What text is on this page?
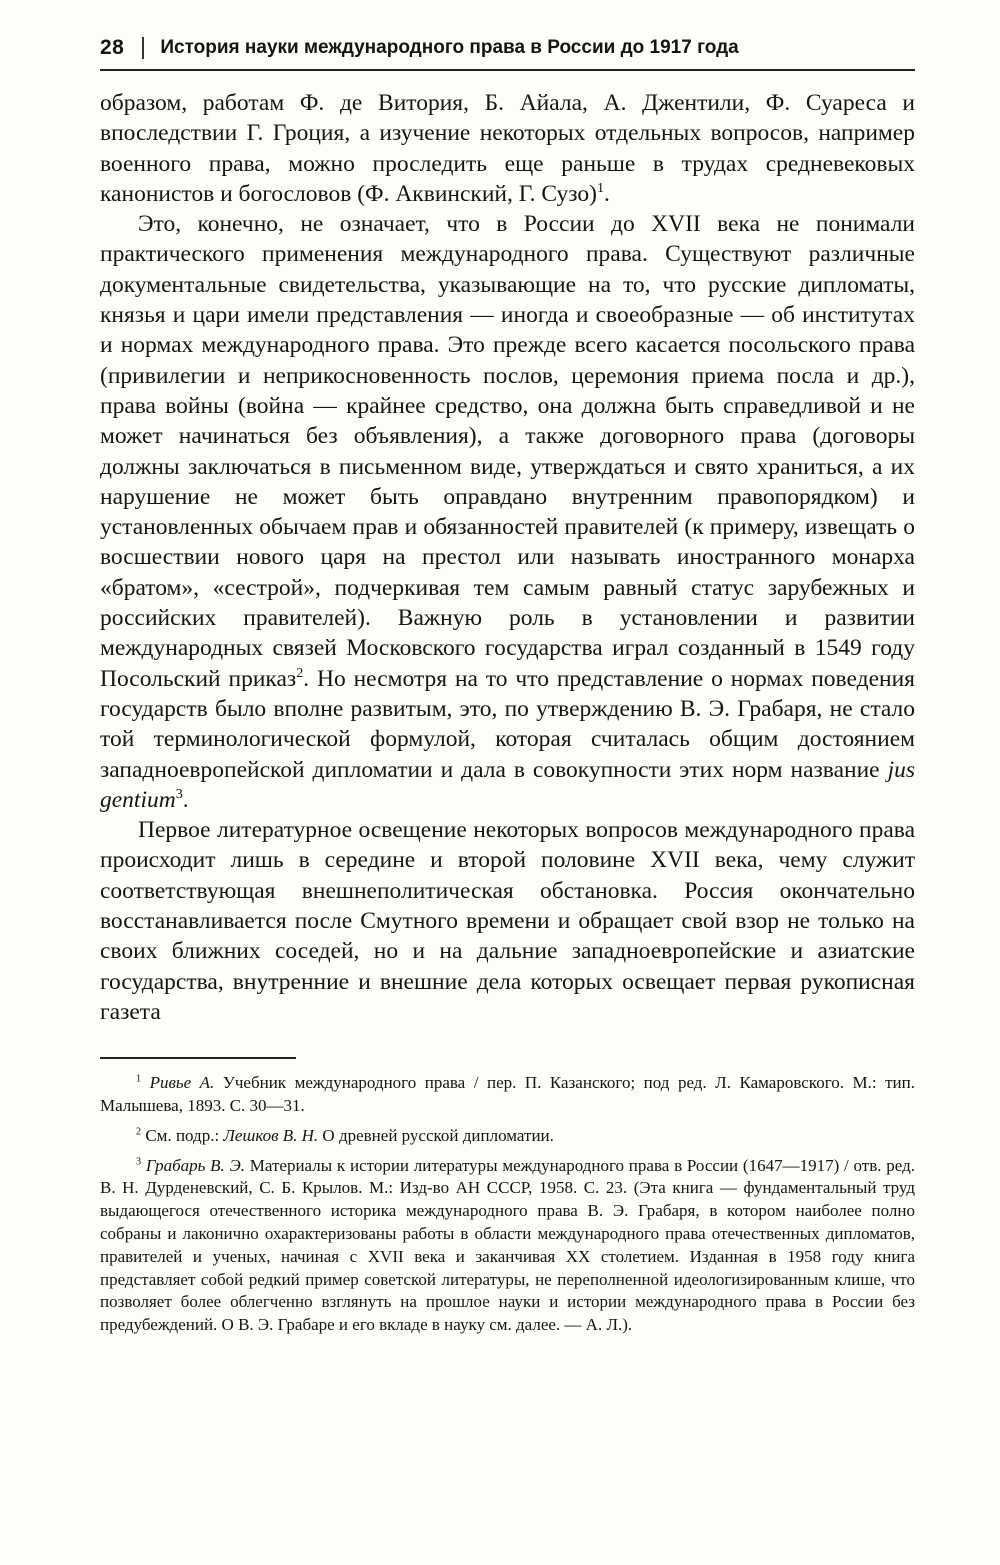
28 История науки международного права в России до 1917 года

образом, работам Ф. де Витория, Б. Айала, А. Джентили, Ф. Суареса и впоследствии Г. Гроция, а изучение некоторых отдельных вопросов, например военного права, можно проследить еще раньше в трудах средневековых канонистов и богословов (Ф. Аквинский, Г. Сузо)$^1$.

Это, конечно, не означает, что в России до XVII века не понимали практического применения международного права. Существуют различные документальные свидетельства, указывающие на то, что русские дипломаты, князья и цари имели представления — иногда и своеобразные — об институтах и нормах международного права. Это прежде всего касается посольского права (привилегии и неприкосновенность послов, церемония приема посла и др.), права войны (война — крайнее средство, она должна быть справедливой и не может начинаться без объявления), а также договорного права (договоры должны заключаться в письменном виде, утверждаться и свято храниться, а их нарушение не может быть оправдано внутренним правопорядком) и установленных обычаем прав и обязанностей правителей (к примеру, извещать о восшествии нового царя на престол или называть иностранного монарха «братом», «сестрой», подчеркивая тем самым равный статус зарубежных и российских правителей). Важную роль в установлении и развитии международных связей Московского государства играл созданный в 1549 году Посольский приказ$^2$. Но несмотря на то что представление о нормах поведения государств было вполне развитым, это, по утверждению В. Э. Грабаря, не стало той терминологической формулой, которая считалась общим достоянием западноевропейской дипломатии и дала в совокупности этих норм название jus gentium$^3$.

Первое литературное освещение некоторых вопросов международного права происходит лишь в середине и второй половине XVII века, чему служит соответствующая внешнеполитическая обстановка. Россия окончательно восстанавливается после Смутного времени и обращает свой взор не только на своих ближних соседей, но и на дальние западноевропейские и азиатские государства, внутренние и внешние дела которых освещает первая рукописная газета

$^1$ Ривье А. Учебник международного права / пер. П. Казанского; под ред. Л. Камаровского. М.: тип. Малышева, 1893. С. 30—31.

$^2$ См. подр.: Лешков В. Н. О древней русской дипломатии.

$^3$ Грабарь В. Э. Материалы к истории литературы международного права в России (1647—1917) / отв. ред. В. Н. Дурденевский, С. Б. Крылов. М.: Изд-во АН СССР, 1958. С. 23. (Эта книга — фундаментальный труд выдающегося отечественного историка международного права В. Э. Грабаря, в котором наиболее полно собраны и лаконично охарактеризованы работы в области международного права отечественных дипломатов, правителей и ученых, начиная с XVII века и заканчивая XX столетием. Изданная в 1958 году книга представляет собой редкий пример советской литературы, не переполненной идеологизированным клише, что позволяет более облегченно взглянуть на прошлое науки и истории международного права в России без предубеждений. О В. Э. Грабаре и его вкладе в науку см. далее. — А. Л.).
